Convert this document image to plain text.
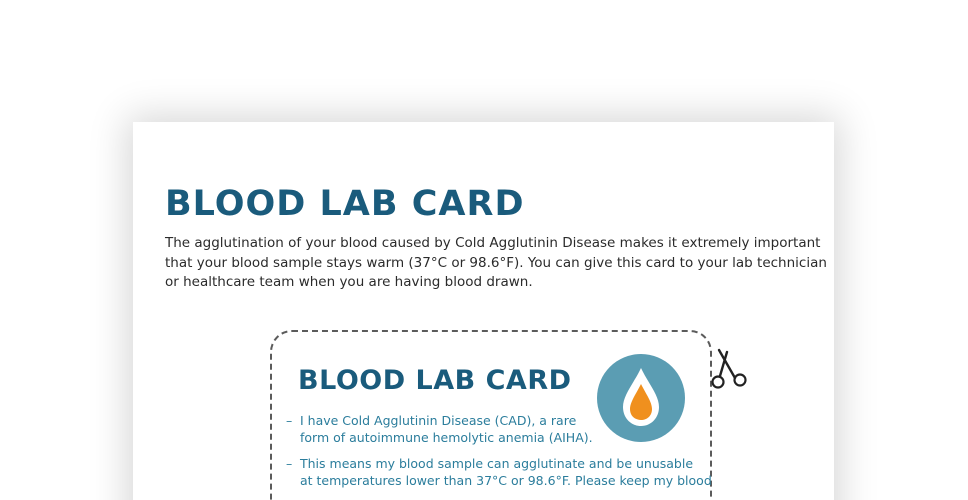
BLOOD LAB CARD

The agglutination of your blood caused by Cold Agglutinin Disease makes it extremely important
that your blood sample stays warm (37°C or 98.6°F). You can give this card to your lab technician
or healthcare team when you are having blood drawn.

BLOOD LAB CARD
– I have Cold Agglutinin Disease (CAD), a rare
form of autoimmune hemolytic anemia (AIHA).
– This means my blood sample can agglutinate and be unusable
at temperatures lower than 37°C or 98.6°F. Please keep my blood
